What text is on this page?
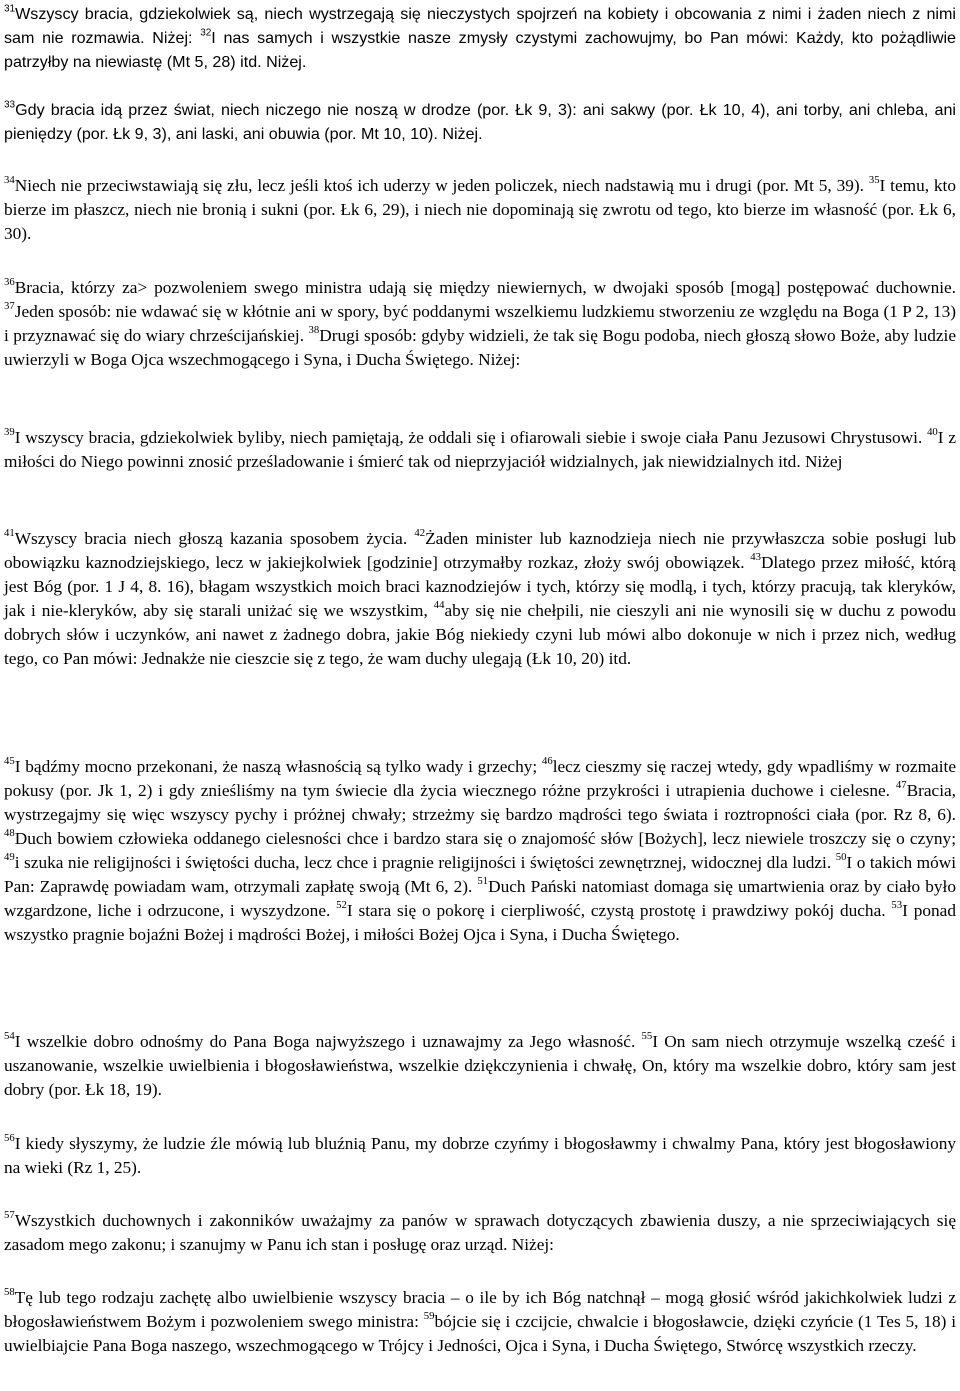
$^{31}$Wszyscy bracia, gdziekolwiek są, niech wystrzegają się nieczystych spojrzeń na kobiety i obcowania z nimi i żaden niech z nimi sam nie rozmawia. Niżej: $^{32}$I nas samych i wszystkie nasze zmysły czystymi zachowujmy, bo Pan mówi: Każdy, kto pożądliwie patrzyłby na niewiastę (Mt 5, 28) itd. Niżej.

$^{33}$Gdy bracia idą przez świat, niech niczego nie noszą w drodze (por. Łk 9, 3): ani sakwy (por. Łk 10, 4), ani torby, ani chleba, ani pieniędzy (por. Łk 9, 3), ani laski, ani obuwia (por. Mt 10, 10). Niżej.

$^{34}$Niech nie przeciwstawiają się złu, lecz jeśli ktoś ich uderzy w jeden policzek, niech nadstawią mu i drugi (por. Mt 5, 39). $^{35}$I temu, kto bierze im płaszcz, niech nie bronią i sukni (por. Łk 6, 29), i niech nie dopominają się zwrotu od tego, kto bierze im własność (por. Łk 6, 30).

$^{36}$Bracia, którzy za> pozwoleniem swego ministra udają się między niewiernych, w dwojaki sposób [mogą] postępować duchownie. $^{37}$Jeden sposób: nie wdawać się w kłótnie ani w spory, być poddanymi wszelkiemu ludzkiemu stworzeniu ze względu na Boga (1 P 2, 13) i przyznawać się do wiary chrześcijańskiej. $^{38}$Drugi sposób: gdyby widzieli, że tak się Bogu podoba, niech głoszą słowo Boże, aby ludzie uwierzyli w Boga Ojca wszechmogącego i Syna, i Ducha Świętego. Niżej:

$^{39}$I wszyscy bracia, gdziekolwiek byliby, niech pamiętają, że oddali się i ofiarowali siebie i swoje ciała Panu Jezusowi Chrystusowi. $^{40}$I z miłości do Niego powinni znosić prześladowanie i śmierć tak od nieprzyjaciół widzialnych, jak niewidzialnych itd. Niżej

$^{41}$Wszyscy bracia niech głoszą kazania sposobem życia. $^{42}$Żaden minister lub kaznodzieja niech nie przywłaszcza sobie posługi lub obowiązku kaznodziejskiego, lecz w jakiejkolwiek [godzinie] otrzymałby rozkaz, złoży swój obowiązek. $^{43}$Dlatego przez miłość, którą jest Bóg (por. 1 J 4, 8. 16), błagam wszystkich moich braci kaznodziejów i tych, którzy się modlą, i tych, którzy pracują, tak kleryków, jak i nie-kleryków, aby się starali uniżać się we wszystkim, $^{44}$aby się nie chełpili, nie cieszyli ani nie wynosili się w duchu z powodu dobrych słów i uczynków, ani nawet z żadnego dobra, jakie Bóg niekiedy czyni lub mówi albo dokonuje w nich i przez nich, według tego, co Pan mówi: Jednakże nie cieszcie się z tego, że wam duchy ulegają (Łk 10, 20) itd.

$^{45}$I bądźmy mocno przekonani, że naszą własnością są tylko wady i grzechy; $^{46}$lecz cieszmy się raczej wtedy, gdy wpadliśmy w rozmaite pokusy (por. Jk 1, 2) i gdy znieśliśmy na tym świecie dla życia wiecznego różne przykrości i utrapienia duchowe i cielesne. $^{47}$Bracia, wystrzegajmy się więc wszyscy pychy i próżnej chwały; strzeżmy się bardzo mądrości tego świata i roztropności ciała (por. Rz 8, 6). $^{48}$Duch bowiem człowieka oddanego cielesności chce i bardzo stara się o znajomość słów [Bożych], lecz niewiele troszczy się o czyny; $^{49}$i szuka nie religijności i świętości ducha, lecz chce i pragnie religijności i świętości zewnętrznej, widocznej dla ludzi. $^{50}$I o takich mówi Pan: Zaprawdę powiadam wam, otrzymali zapłatę swoją (Mt 6, 2). $^{51}$Duch Pański natomiast domaga się umartwienia oraz by ciało było wzgardzone, liche i odrzucone, i wyszydzone. $^{52}$I stara się o pokorę i cierpliwość, czystą prostotę i prawdziwy pokój ducha. $^{53}$I ponad wszystko pragnie bojaźni Bożej i mądrości Bożej, i miłości Bożej Ojca i Syna, i Ducha Świętego.

$^{54}$I wszelkie dobro odnośmy do Pana Boga najwyższego i uznawajmy za Jego własność. $^{55}$I On sam niech otrzymuje wszelką cześć i uszanowanie, wszelkie uwielbienia i błogosławieństwa, wszelkie dziękczynienia i chwałę, On, który ma wszelkie dobro, który sam jest dobry (por. Łk 18, 19).

$^{56}$I kiedy słyszymy, że ludzie źle mówią lub bluźnią Panu, my dobrze czyńmy i błogosławmy i chwalmy Pana, który jest błogosławiony na wieki (Rz 1, 25).

$^{57}$Wszystkich duchownych i zakonników uważajmy za panów w sprawach dotyczących zbawienia duszy, a nie sprzeciwiających się zasadom mego zakonu; i szanujmy w Panu ich stan i posługę oraz urząd. Niżej:

$^{58}$Tę lub tego rodzaju zachętę albo uwielbienie wszyscy bracia – o ile by ich Bóg natchnął – mogą głosić wśród jakichkolwiek ludzi z błogosławieństwem Bożym i pozwoleniem swego ministra: $^{59}$bójcie się i czcijcie, chwalcie i błogosławcie, dzięki czyńcie (1 Tes 5, 18) i uwielbiajcie Pana Boga naszego, wszechmogącego w Trójcy i Jedności, Ojca i Syna, i Ducha Świętego, Stwórcę wszystkich rzeczy.
